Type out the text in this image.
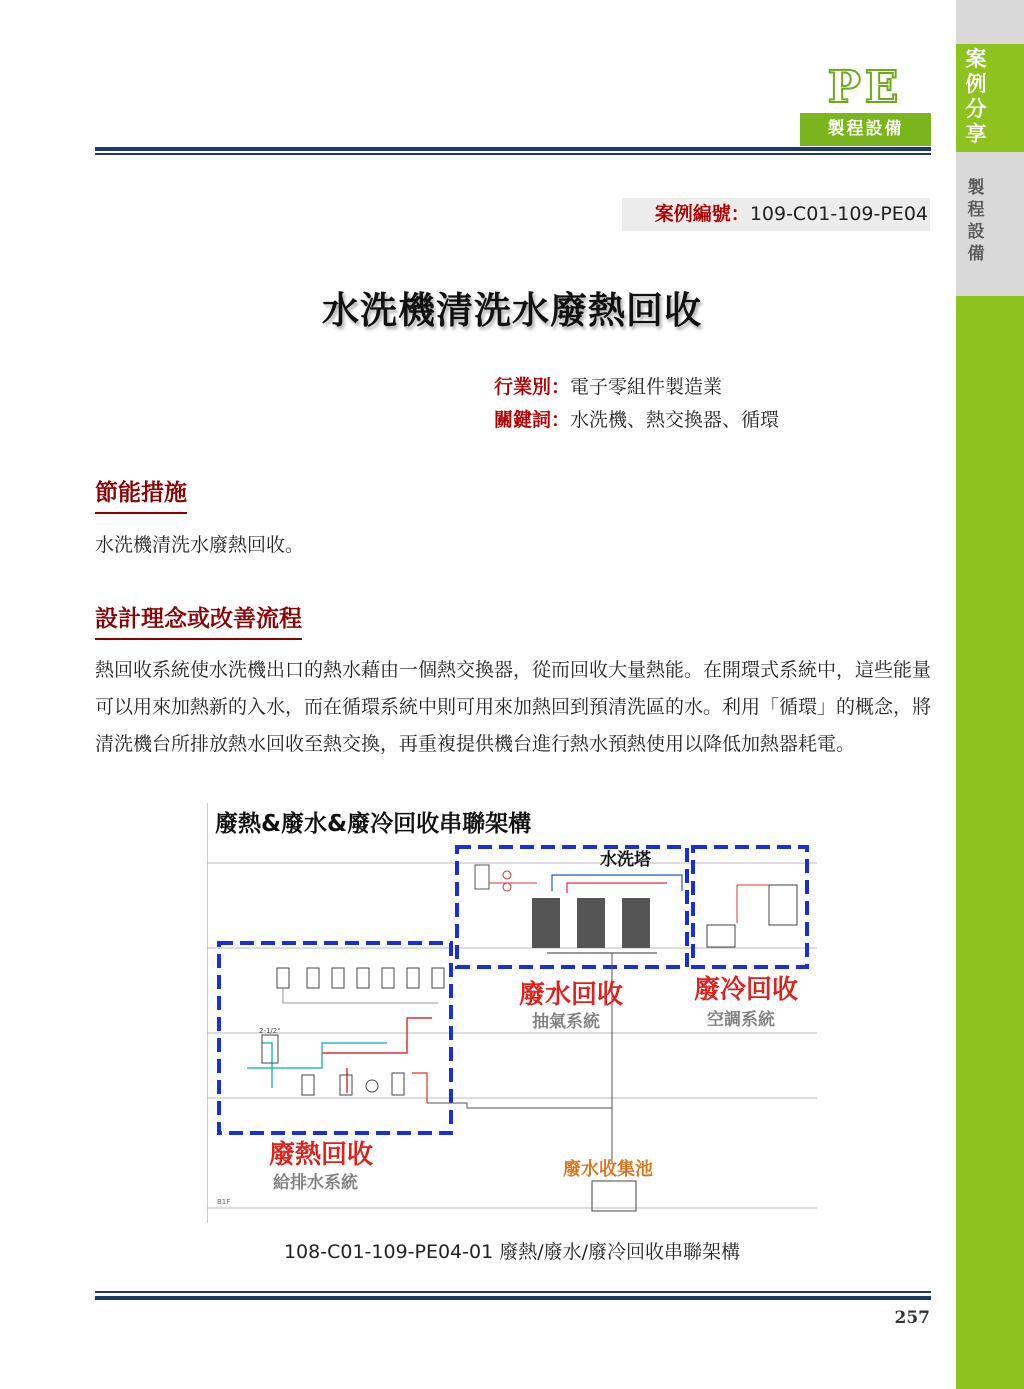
案例分享
製程設備
PE
製程設備
案例編號：109-C01-109-PE04
水洗機清洗水廢熱回收
行業別：電子零組件製造業
關鍵詞：水洗機、熱交換器、循環
節能措施
水洗機清洗水廢熱回收。
設計理念或改善流程
熱回收系統使水洗機出口的熱水藉由一個熱交換器，從而回收大量熱能。在開環式系統中，這些能量可以用來加熱新的入水，而在循環系統中則可用來加熱回到預清洗區的水。利用「循環」的概念，將清洗機台所排放熱水回收至熱交換，再重複提供機台進行熱水預熱使用以降低加熱器耗電。
B1F
廢熱&廢水&廢冷回收串聯架構
水洗塔
2-1/2"
廢水回收
抽氣系統
廢冷回收
空調系統
廢熱回收
給排水系統
廢水收集池
108-C01-109-PE04-01 廢熱/廢水/廢冷回收串聯架構
257
